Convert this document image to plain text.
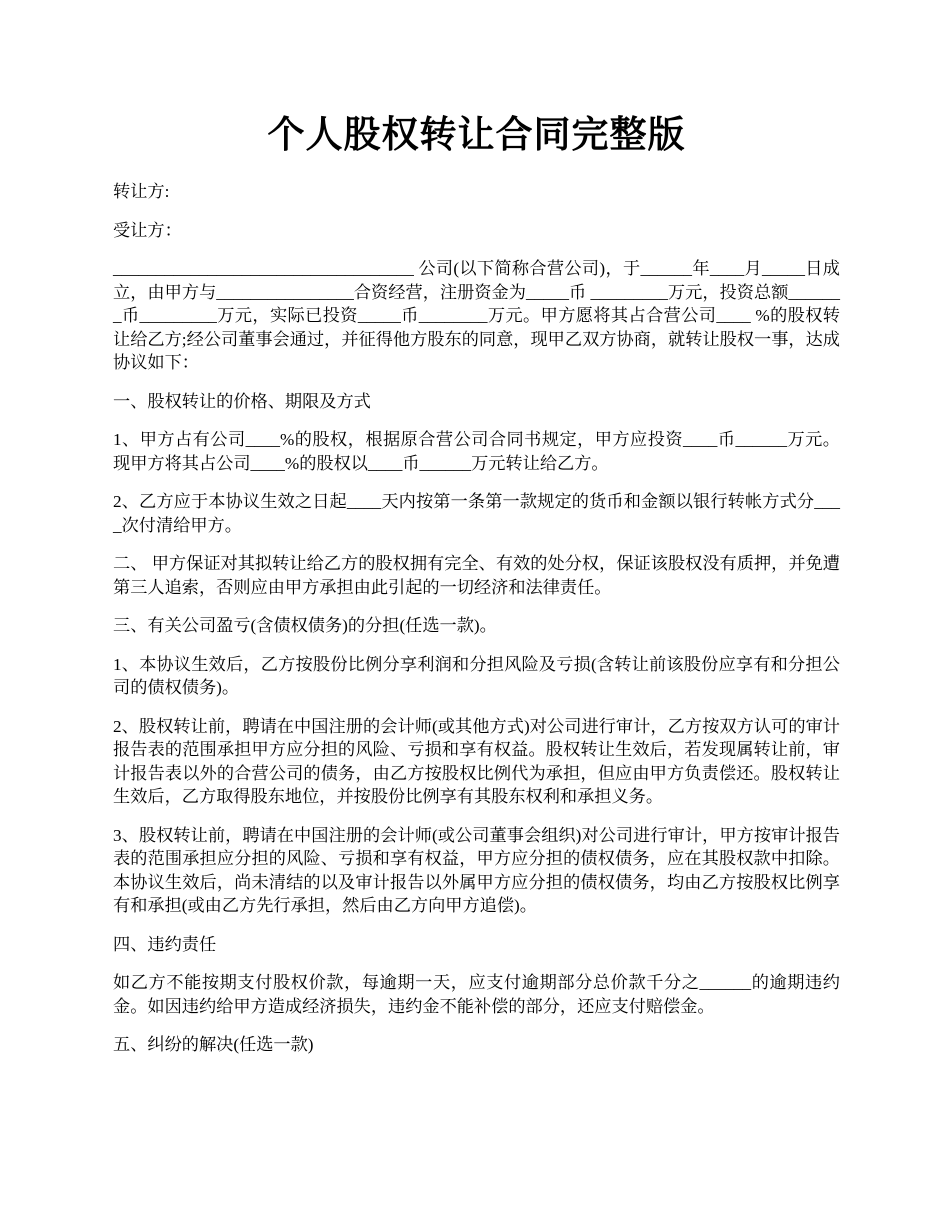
个人股权转让合同完整版

转让方:

受让方：

___________________________________ 公司(以下简称合营公司)，于______年____月_____日成立，由甲方与________________合资经营，注册资金为_____币 _________万元，投资总额_______币_________万元，实际已投资_____币________万元。甲方愿将其占合营公司____ %的股权转让给乙方;经公司董事会通过，并征得他方股东的同意，现甲乙双方协商，就转让股权一事，达成协议如下：

一、股权转让的价格、期限及方式

1、甲方占有公司____%的股权，根据原合营公司合同书规定，甲方应投资____币______万元。现甲方将其占公司____%的股权以____币______万元转让给乙方。

2、乙方应于本协议生效之日起____天内按第一条第一款规定的货币和金额以银行转帐方式分____次付清给甲方。

二、 甲方保证对其拟转让给乙方的股权拥有完全、有效的处分权，保证该股权没有质押，并免遭第三人追索，否则应由甲方承担由此引起的一切经济和法律责任。

三、有关公司盈亏(含债权债务)的分担(任选一款)。

1、本协议生效后，乙方按股份比例分享利润和分担风险及亏损(含转让前该股份应享有和分担公司的债权债务)。

2、股权转让前，聘请在中国注册的会计师(或其他方式)对公司进行审计，乙方按双方认可的审计报告表的范围承担甲方应分担的风险、亏损和享有权益。股权转让生效后，若发现属转让前，审计报告表以外的合营公司的债务，由乙方按股权比例代为承担，但应由甲方负责偿还。股权转让生效后，乙方取得股东地位，并按股份比例享有其股东权利和承担义务。

3、股权转让前，聘请在中国注册的会计师(或公司董事会组织)对公司进行审计，甲方按审计报告表的范围承担应分担的风险、亏损和享有权益，甲方应分担的债权债务，应在其股权款中扣除。本协议生效后，尚未清结的以及审计报告以外属甲方应分担的债权债务，均由乙方按股权比例享有和承担(或由乙方先行承担，然后由乙方向甲方追偿)。

四、违约责任

如乙方不能按期支付股权价款，每逾期一天，应支付逾期部分总价款千分之______的逾期违约金。如因违约给甲方造成经济损失，违约金不能补偿的部分，还应支付赔偿金。

五、纠纷的解决(任选一款)
